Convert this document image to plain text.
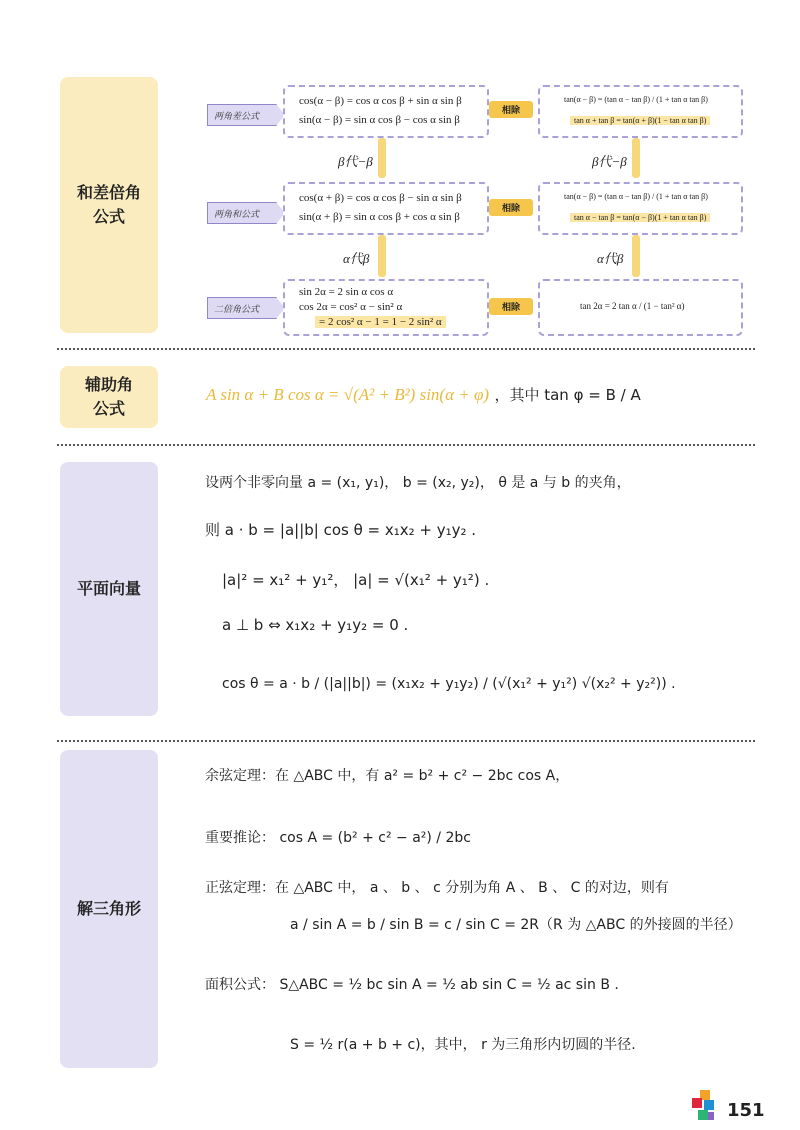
和差倍角
公式
两角差公式
cos(α − β) = cos α cos β + sin α sin β
sin(α − β) = sin α cos β − cos α sin β
相除
tan(α − β) = (tan α − tan β) / (1 + tan α tan β)
tan α + tan β = tan(α + β)(1 − tan α tan β)
β代−β	β代−β
两角和公式
cos(α + β) = cos α cos β − sin α sin β
sin(α + β) = sin α cos β + cos α sin β
相除
tan(α − β) = (tan α − tan β) / (1 + tan α tan β)
tan α − tan β = tan(α − β)(1 + tan α tan β)
α代β	α代β
二倍角公式
sin 2α = 2 sin α cos α
cos 2α = cos² α − sin² α
= 2 cos² α − 1 = 1 − 2 sin² α
相除	tan 2α = 2 tan α / (1 − tan² α)
辅助角
公式
A sin α + B cos α = √(A² + B²) sin(α + φ) ，其中 tan φ = B / A
平面向量
设两个非零向量 a = (x₁, y₁)， b = (x₂, y₂)， θ 是 a 与 b 的夹角，
则 a · b = |a||b| cos θ = x₁x₂ + y₁y₂ .
|a|² = x₁² + y₁²， |a| = √(x₁² + y₁²) .
a ⊥ b ⇔ x₁x₂ + y₁y₂ = 0 .
cos θ = a · b / (|a||b|) = (x₁x₂ + y₁y₂) / (√(x₁² + y₁²) √(x₂² + y₂²)) .
解三角形
余弦定理：在 △ABC 中，有 a² = b² + c² − 2bc cos A，
重要推论： cos A = (b² + c² − a²) / 2bc
正弦定理：在 △ABC 中， a 、 b 、 c 分别为角 A 、 B 、 C 的对边，则有
a / sin A = b / sin B = c / sin C = 2R（R 为 △ABC 的外接圆的半径）
面积公式： S△ABC = ½ bc sin A = ½ ab sin C = ½ ac sin B .
S = ½ r(a + b + c)，其中， r 为三角形内切圆的半径.
151
